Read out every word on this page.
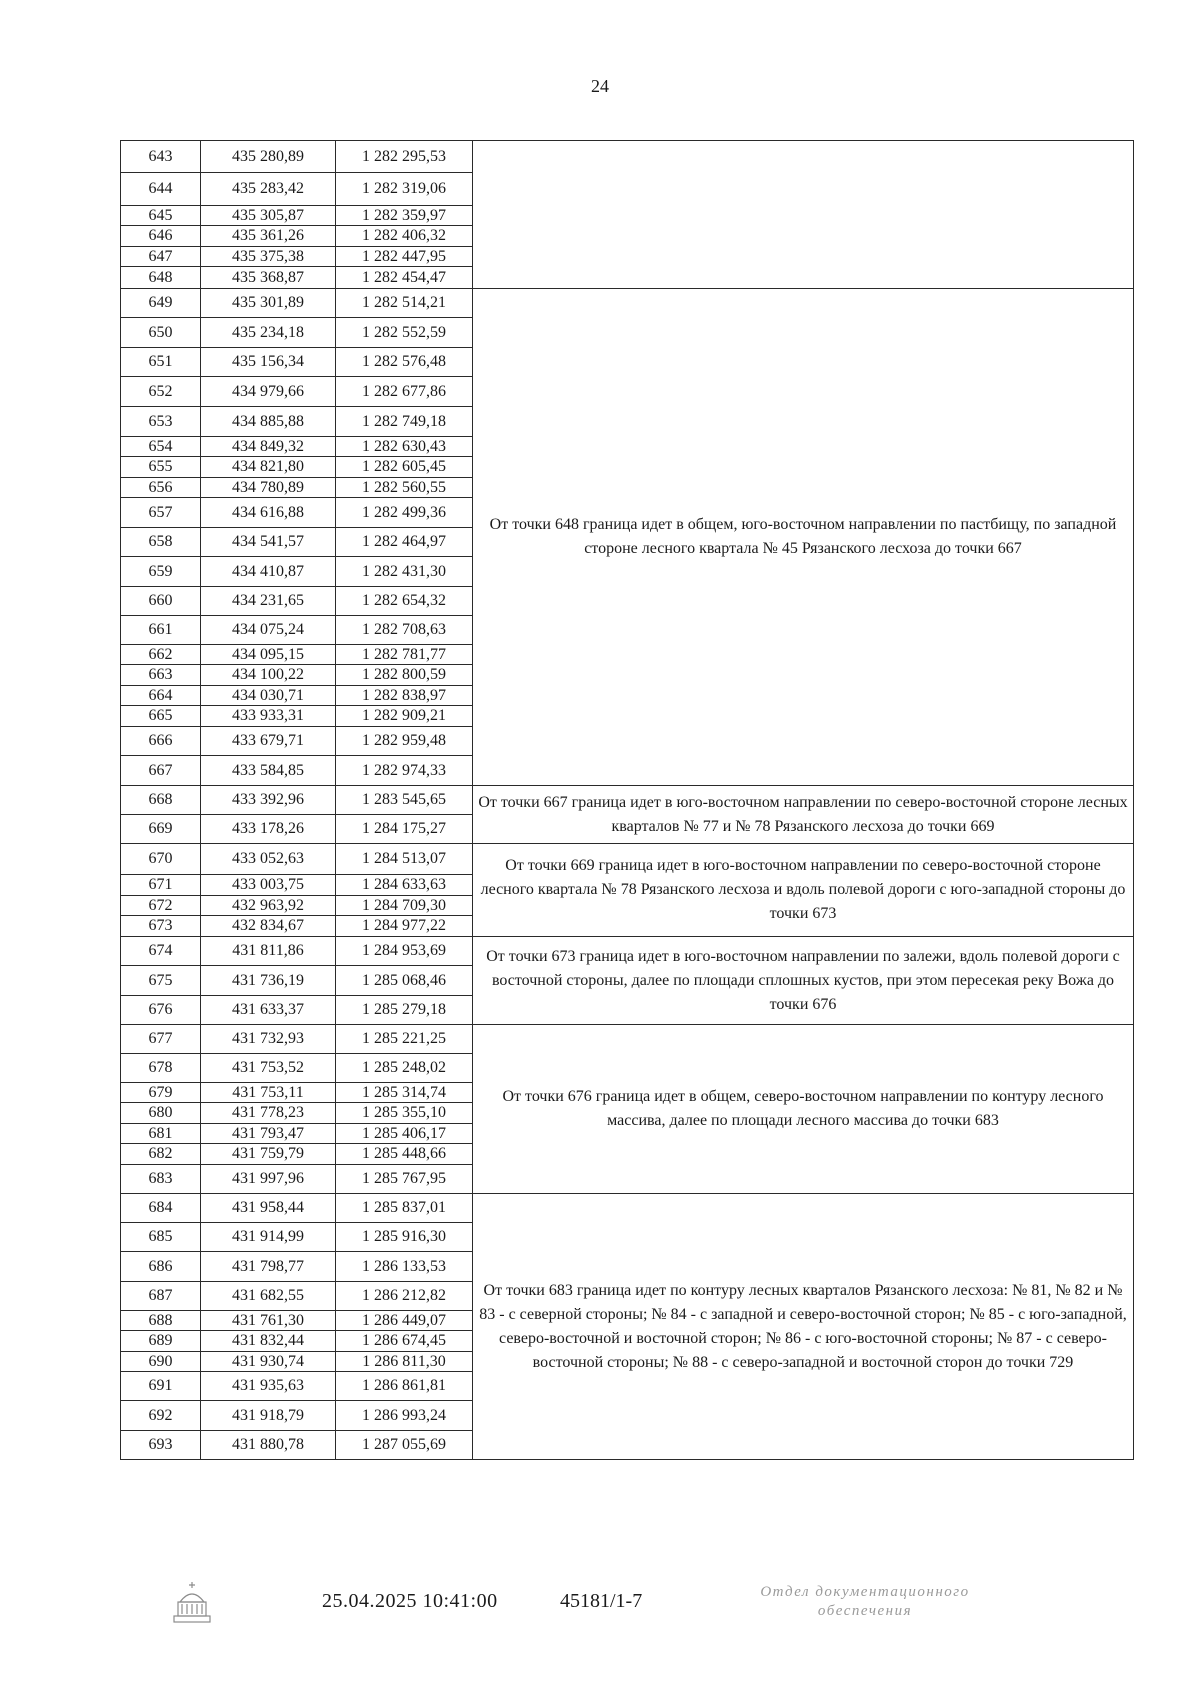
24
643	435 280,89	1 282 295,53	
644	435 283,42	1 282 319,06	
645	435 305,87	1 282 359,97	
646	435 361,26	1 282 406,32	
647	435 375,38	1 282 447,95	
648	435 368,87	1 282 454,47	
649	435 301,89	1 282 514,21	От точки 648 граница идет в общем, юго-восточном направлении по пастбищу, по западной стороне лесного квартала № 45 Рязанского лесхоза до точки 667
650	435 234,18	1 282 552,59	
651	435 156,34	1 282 576,48	
652	434 979,66	1 282 677,86	
653	434 885,88	1 282 749,18	
654	434 849,32	1 282 630,43	
655	434 821,80	1 282 605,45	
656	434 780,89	1 282 560,55	
657	434 616,88	1 282 499,36	
658	434 541,57	1 282 464,97	
659	434 410,87	1 282 431,30	
660	434 231,65	1 282 654,32	
661	434 075,24	1 282 708,63	
662	434 095,15	1 282 781,77	
663	434 100,22	1 282 800,59	
664	434 030,71	1 282 838,97	
665	433 933,31	1 282 909,21	
666	433 679,71	1 282 959,48	
667	433 584,85	1 282 974,33	
668	433 392,96	1 283 545,65	От точки 667 граница идет в юго-восточном направлении по северо-восточной стороне лесных кварталов № 77 и № 78 Рязанского лесхоза до точки 669
669	433 178,26	1 284 175,27	
670	433 052,63	1 284 513,07	От точки 669 граница идет в юго-восточном направлении по северо-восточной стороне лесного квартала № 78 Рязанского лесхоза и вдоль полевой дороги с юго-западной стороны до точки 673
671	433 003,75	1 284 633,63	
672	432 963,92	1 284 709,30	
673	432 834,67	1 284 977,22	
674	431 811,86	1 284 953,69	От точки 673 граница идет в юго-восточном направлении по залежи, вдоль полевой дороги с восточной стороны, далее по площади сплошных кустов, при этом пересекая реку Вожа до точки 676
675	431 736,19	1 285 068,46	
676	431 633,37	1 285 279,18	
677	431 732,93	1 285 221,25	От точки 676 граница идет в общем, северо-восточном направлении по контуру лесного массива, далее по площади лесного массива до точки 683
678	431 753,52	1 285 248,02	
679	431 753,11	1 285 314,74	
680	431 778,23	1 285 355,10	
681	431 793,47	1 285 406,17	
682	431 759,79	1 285 448,66	
683	431 997,96	1 285 767,95	
684	431 958,44	1 285 837,01	От точки 683 граница идет по контуру лесных кварталов Рязанского лесхоза: № 81, № 82 и № 83 - с северной стороны; № 84 - с западной и северо-восточной сторон; № 85 - с юго-западной, северо-восточной и восточной сторон; № 86 - с юго-восточной стороны; № 87 - с северо-восточной стороны; № 88 - с северо-западной и восточной сторон до точки 729
685	431 914,99	1 285 916,30	
686	431 798,77	1 286 133,53	
687	431 682,55	1 286 212,82	
688	431 761,30	1 286 449,07	
689	431 832,44	1 286 674,45	
690	431 930,74	1 286 811,30	
691	431 935,63	1 286 861,81	
692	431 918,79	1 286 993,24	
693	431 880,78	1 287 055,69	
25.04.2025 10:41:00	45181/1-7	Отдел документационного обеспечения
